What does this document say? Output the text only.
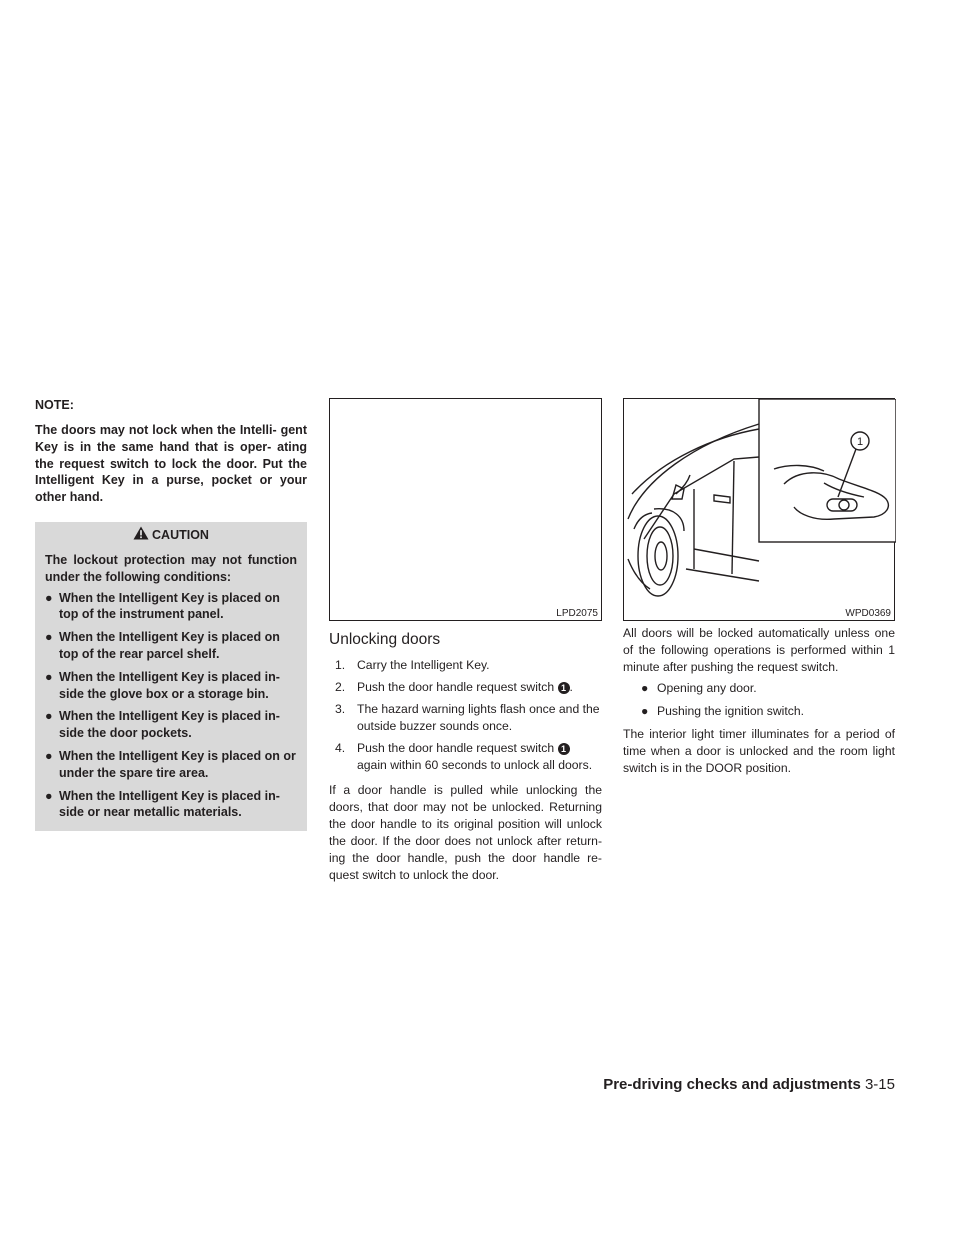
NOTE:

The doors may not lock when the Intelli- gent Key is in the same hand that is oper- ating the request switch to lock the door. Put the Intelligent Key in a purse, pocket or your other hand.

CAUTION

The lockout protection may not function under the following conditions:

● When the Intelligent Key is placed on top of the instrument panel.
● When the Intelligent Key is placed on top of the rear parcel shelf.
● When the Intelligent Key is placed in- side the glove box or a storage bin.
● When the Intelligent Key is placed in- side the door pockets.
● When the Intelligent Key is placed on or under the spare tire area.
● When the Intelligent Key is placed in- side or near metallic materials.
LPD2075
Unlocking doors
1. Carry the Intelligent Key.
2. Push the door handle request switch 1 .
3. The hazard warning lights flash once and the outside buzzer sounds once.
4. Push the door handle request switch 1 again within 60 seconds to unlock all doors.

If a door handle is pulled while unlocking the doors, that door may not be unlocked. Returning the door handle to its original position will unlock the door. If the door does not unlock after return- ing the door handle, push the door handle re- quest switch to unlock the door.

1
WPD0369

All doors will be locked automatically unless one of the following operations is performed within 1 minute after pushing the request switch.

● Opening any door.
● Pushing the ignition switch.

The interior light timer illuminates for a period of time when a door is unlocked and the room light switch is in the DOOR position.

Pre-driving checks and adjustments 3-15
